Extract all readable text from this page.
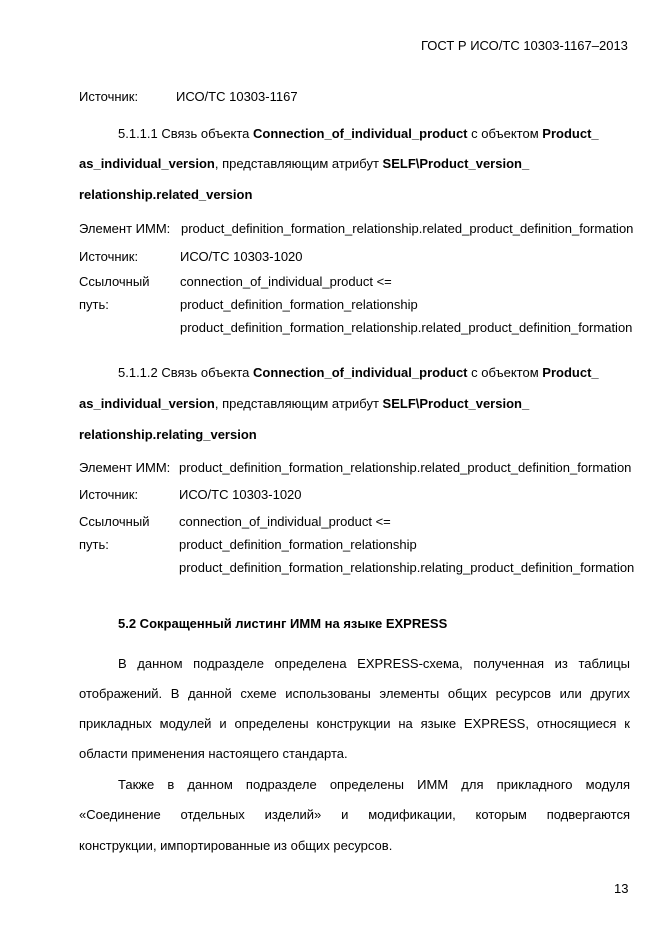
ГОСТ Р ИСО/ТС 10303-1167–2013
Источник:	ИСО/ТС 10303-1167
5.1.1.1 Связь объекта Connection_of_individual_product с объектом Product_
as_individual_version, представляющим атрибут SELF\Product_version_
relationship.related_version
Элемент ИММ: product_definition_formation_relationship.related_product_definition_formation
Источник:	ИСО/ТС 10303-1020
Ссылочный
путь:
connection_of_individual_product <=
product_definition_formation_relationship
product_definition_formation_relationship.related_product_definition_formation
5.1.1.2 Связь объекта Connection_of_individual_product с объектом Product_
as_individual_version, представляющим атрибут SELF\Product_version_
relationship.relating_version
Элемент ИММ: product_definition_formation_relationship.related_product_definition_formation
Источник:	ИСО/ТС 10303-1020
Ссылочный
путь:
connection_of_individual_product <=
product_definition_formation_relationship
product_definition_formation_relationship.relating_product_definition_formation
5.2 Сокращенный листинг ИММ на языке EXPRESS
В данном подразделе определена EXPRESS-схема, полученная из таблицы
отображений. В данной схеме использованы элементы общих ресурсов или других
прикладных модулей и определены конструкции на языке EXPRESS, относящиеся к
области применения настоящего стандарта.
Также в данном подразделе определены ИММ для прикладного модуля
«Соединение отдельных изделий» и модификации, которым подвергаются
конструкции, импортированные из общих ресурсов.
13
